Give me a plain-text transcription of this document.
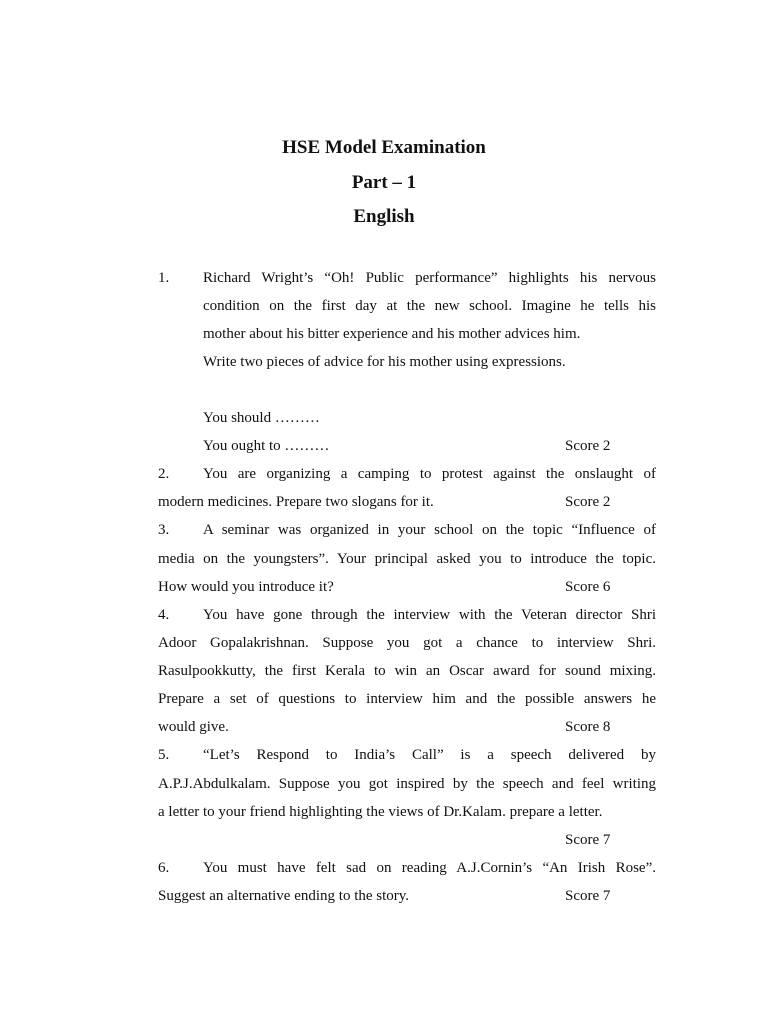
HSE Model Examination
Part – 1
English
1. Richard Wright’s “Oh! Public performance” highlights his nervous
condition on the first day at the new school. Imagine he tells his
mother about his bitter experience and his mother advices him.
Write two pieces of advice for his mother using expressions.
You should ………
You ought to ………	Score 2
2. You are organizing a camping to protest against the onslaught of
modern medicines. Prepare two slogans for it.	Score 2
3. A seminar was organized in your school on the topic “Influence of
media on the youngsters”. Your principal asked you to introduce the topic.
How would you introduce it?	Score 6
4. You have gone through the interview with the Veteran director Shri
Adoor Gopalakrishnan. Suppose you got a chance to interview Shri.
Rasulpookkutty, the first Kerala to win an Oscar award for sound mixing.
Prepare a set of questions to interview him and the possible answers he
would give.	Score 8
5. “Let’s Respond to India’s Call” is a speech delivered by
A.P.J.Abdulkalam. Suppose you got inspired by the speech and feel writing
a letter to your friend highlighting the views of Dr.Kalam. prepare a letter.
Score 7
6. You must have felt sad on reading A.J.Cornin’s “An Irish Rose”.
Suggest an alternative ending to the story.	Score 7
